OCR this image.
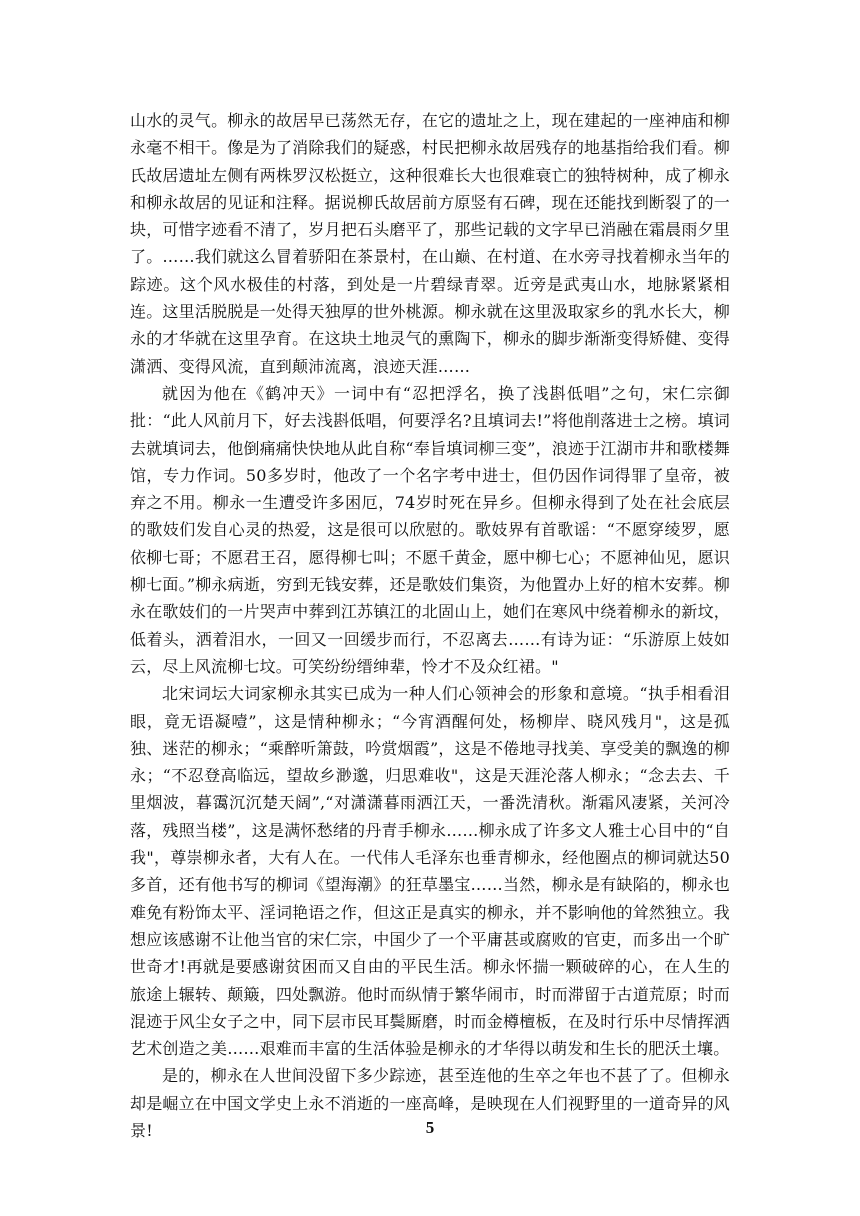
山水的灵气。柳永的故居早已荡然无存，在它的遗址之上，现在建起的一座神庙和柳永毫不相干。像是为了消除我们的疑惑，村民把柳永故居残存的地基指给我们看。柳氏故居遗址左侧有两株罗汉松挺立，这种很难长大也很难衰亡的独特树种，成了柳永和柳永故居的见证和注释。据说柳氏故居前方原竖有石碑，现在还能找到断裂了的一块，可惜字迹看不清了，岁月把石头磨平了，那些记载的文字早已消融在霜晨雨夕里了。……我们就这么冒着骄阳在茶景村，在山巅、在村道、在水旁寻找着柳永当年的踪迹。这个风水极佳的村落，到处是一片碧绿青翠。近旁是武夷山水，地脉紧紧相连。这里活脱脱是一处得天独厚的世外桃源。柳永就在这里汲取家乡的乳水长大，柳永的才华就在这里孕育。在这块土地灵气的熏陶下，柳永的脚步渐渐变得矫健、变得潇洒、变得风流，直到颠沛流离，浪迹天涯……

就因为他在《鹤冲天》一词中有“忍把浮名，换了浅斟低唱”之句，宋仁宗御批：“此人风前月下，好去浅斟低唱，何要浮名?且填词去!”将他削落进士之榜。填词去就填词去，他倒痛痛快快地从此自称“奉旨填词柳三变”，浪迹于江湖市井和歌楼舞馆，专力作词。50多岁时，他改了一个名字考中进士，但仍因作词得罪了皇帝，被弃之不用。柳永一生遭受许多困厄，74岁时死在异乡。但柳永得到了处在社会底层的歌妓们发自心灵的热爱，这是很可以欣慰的。歌妓界有首歌谣：“不愿穿绫罗，愿依柳七哥；不愿君王召，愿得柳七叫；不愿千黄金，愿中柳七心；不愿神仙见，愿识柳七面。”柳永病逝，穷到无钱安葬，还是歌妓们集资，为他置办上好的棺木安葬。柳永在歌妓们的一片哭声中葬到江苏镇江的北固山上，她们在寒风中绕着柳永的新坟，低着头，洒着泪水，一回又一回缓步而行，不忍离去……有诗为证：“乐游原上妓如云，尽上风流柳七坟。可笑纷纷缙绅辈，怜才不及众红裙。"

北宋词坛大词家柳永其实已成为一种人们心领神会的形象和意境。“执手相看泪眼，竟无语凝噎”，这是情种柳永；“今宵酒醒何处，杨柳岸、晓风残月"，这是孤独、迷茫的柳永；“乘醉听箫鼓，吟赏烟霞”，这是不倦地寻找美、享受美的飘逸的柳永；“不忍登高临远，望故乡渺邈，归思难收"，这是天涯沦落人柳永；“念去去、千里烟波，暮霭沉沉楚天阔”,“对潇潇暮雨洒江天，一番洗清秋。渐霜风凄紧，关河冷落，残照当楼”，这是满怀愁绪的丹青手柳永……柳永成了许多文人雅士心目中的“自我"，尊崇柳永者，大有人在。一代伟人毛泽东也垂青柳永，经他圈点的柳词就达50多首，还有他书写的柳词《望海潮》的狂草墨宝……当然，柳永是有缺陷的，柳永也难免有粉饰太平、淫词艳语之作，但这正是真实的柳永，并不影响他的耸然独立。我想应该感谢不让他当官的宋仁宗，中国少了一个平庸甚或腐败的官吏，而多出一个旷世奇才!再就是要感谢贫困而又自由的平民生活。柳永怀揣一颗破碎的心，在人生的旅途上辗转、颠簸，四处飘游。他时而纵情于繁华闹市，时而滞留于古道荒原；时而混迹于风尘女子之中，同下层市民耳鬓厮磨，时而金樽檀板，在及时行乐中尽情挥洒艺术创造之美……艰难而丰富的生活体验是柳永的才华得以萌发和生长的肥沃土壤。

是的，柳永在人世间没留下多少踪迹，甚至连他的生卒之年也不甚了了。但柳永却是崛立在中国文学史上永不消逝的一座高峰，是映现在人们视野里的一道奇异的风景!	5
